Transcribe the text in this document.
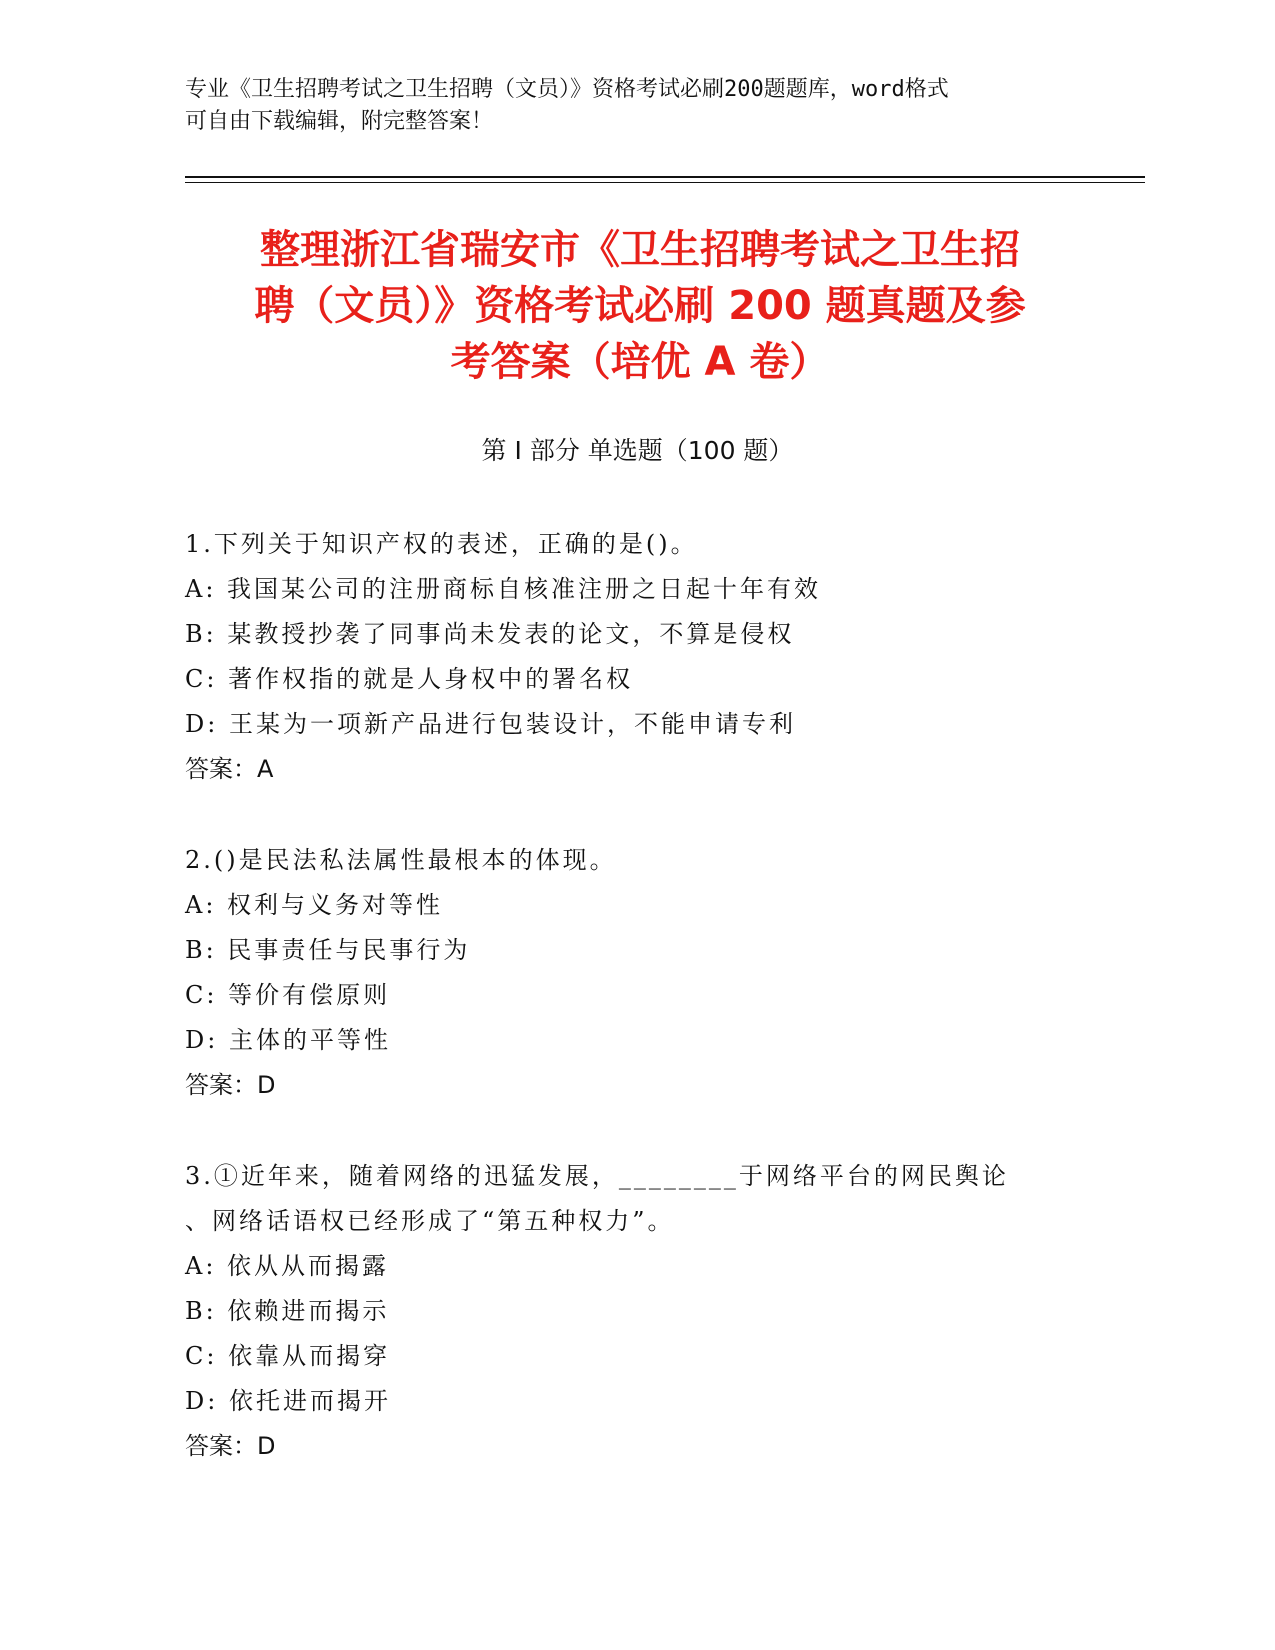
专业《卫生招聘考试之卫生招聘（文员）》资格考试必刷200题题库，word格式
可自由下载编辑，附完整答案！
整理浙江省瑞安市《卫生招聘考试之卫生招
聘（文员）》资格考试必刷 200 题真题及参
考答案（培优 A 卷）
第 I 部分 单选题（100 题）
1.下列关于知识产权的表述，正确的是()。
A: 我国某公司的注册商标自核准注册之日起十年有效
B: 某教授抄袭了同事尚未发表的论文，不算是侵权
C: 著作权指的就是人身权中的署名权
D: 王某为一项新产品进行包装设计，不能申请专利
答案：A
2.()是民法私法属性最根本的体现。
A: 权利与义务对等性
B: 民事责任与民事行为
C: 等价有偿原则
D: 主体的平等性
答案：D
3.①近年来，随着网络的迅猛发展，________于网络平台的网民舆论
、网络话语权已经形成了“第五种权力”。
A: 依从从而揭露
B: 依赖进而揭示
C: 依靠从而揭穿
D: 依托进而揭开
答案：D
